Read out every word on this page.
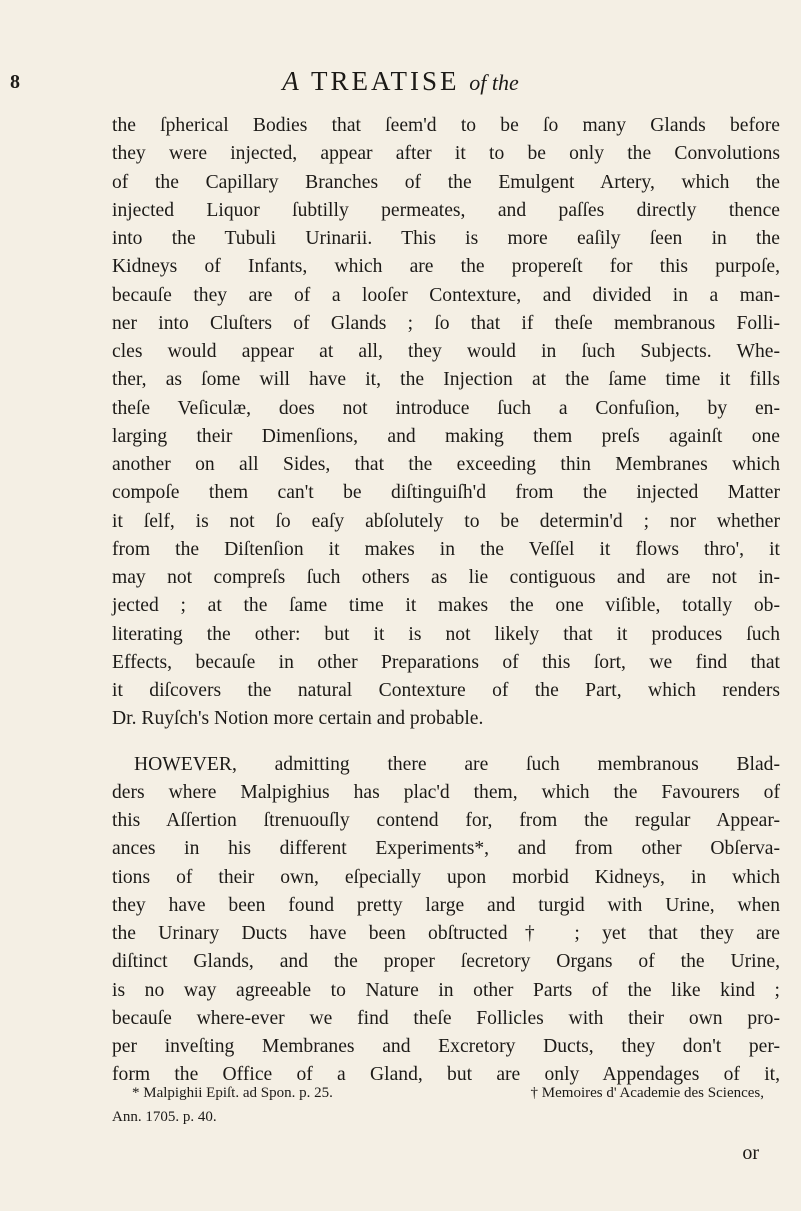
8	A TREATISE of the
the ſpherical Bodies that ſeem'd to be ſo many Glands before
they were injected, appear after it to be only the Convolutions
of the Capillary Branches of the Emulgent Artery, which the
injected Liquor ſubtilly permeates, and paſſes directly thence
into the Tubuli Urinarii. This is more eaſily ſeen in the
Kidneys of Infants, which are the propereſt for this purpoſe,
becauſe they are of a looſer Contexture, and divided in a man-
ner into Cluſters of Glands ; ſo that if theſe membranous Folli-
cles would appear at all, they would in ſuch Subjects. Whe-
ther, as ſome will have it, the Injection at the ſame time it fills
theſe Veſiculæ, does not introduce ſuch a Confuſion, by en-
larging their Dimenſions, and making them preſs againſt one
another on all Sides, that the exceeding thin Membranes which
compoſe them can't be diſtinguiſh'd from the injected Matter
it ſelf, is not ſo eaſy abſolutely to be determin'd ; nor whether
from the Diſtenſion it makes in the Veſſel it flows thro', it
may not compreſs ſuch others as lie contiguous and are not in-
jected ; at the ſame time it makes the one viſible, totally ob-
literating the other: but it is not likely that it produces ſuch
Effects, becauſe in other Preparations of this ſort, we find that
it diſcovers the natural Contexture of the Part, which renders
Dr. Ruyſch's Notion more certain and probable.
HOWEVER, admitting there are ſuch membranous Blad-
ders where Malpighius has plac'd them, which the Favourers of
this Aſſertion ſtrenuouſly contend for, from the regular Appear-
ances in his different Experiments*, and from other Obſerva-
tions of their own, eſpecially upon morbid Kidneys, in which
they have been found pretty large and turgid with Urine, when
the Urinary Ducts have been obſtructed† ; yet that they are
diſtinct Glands, and the proper ſecretory Organs of the Urine,
is no way agreeable to Nature in other Parts of the like kind ;
becauſe where-ever we find theſe Follicles with their own pro-
per inveſting Membranes and Excretory Ducts, they don't per-
form the Office of a Gland, but are only Appendages of it,
* Malpighii Epiſt. ad Spon. p. 25.	† Memoires d' Academie des Sciences,
Ann. 1705. p. 40.
or
